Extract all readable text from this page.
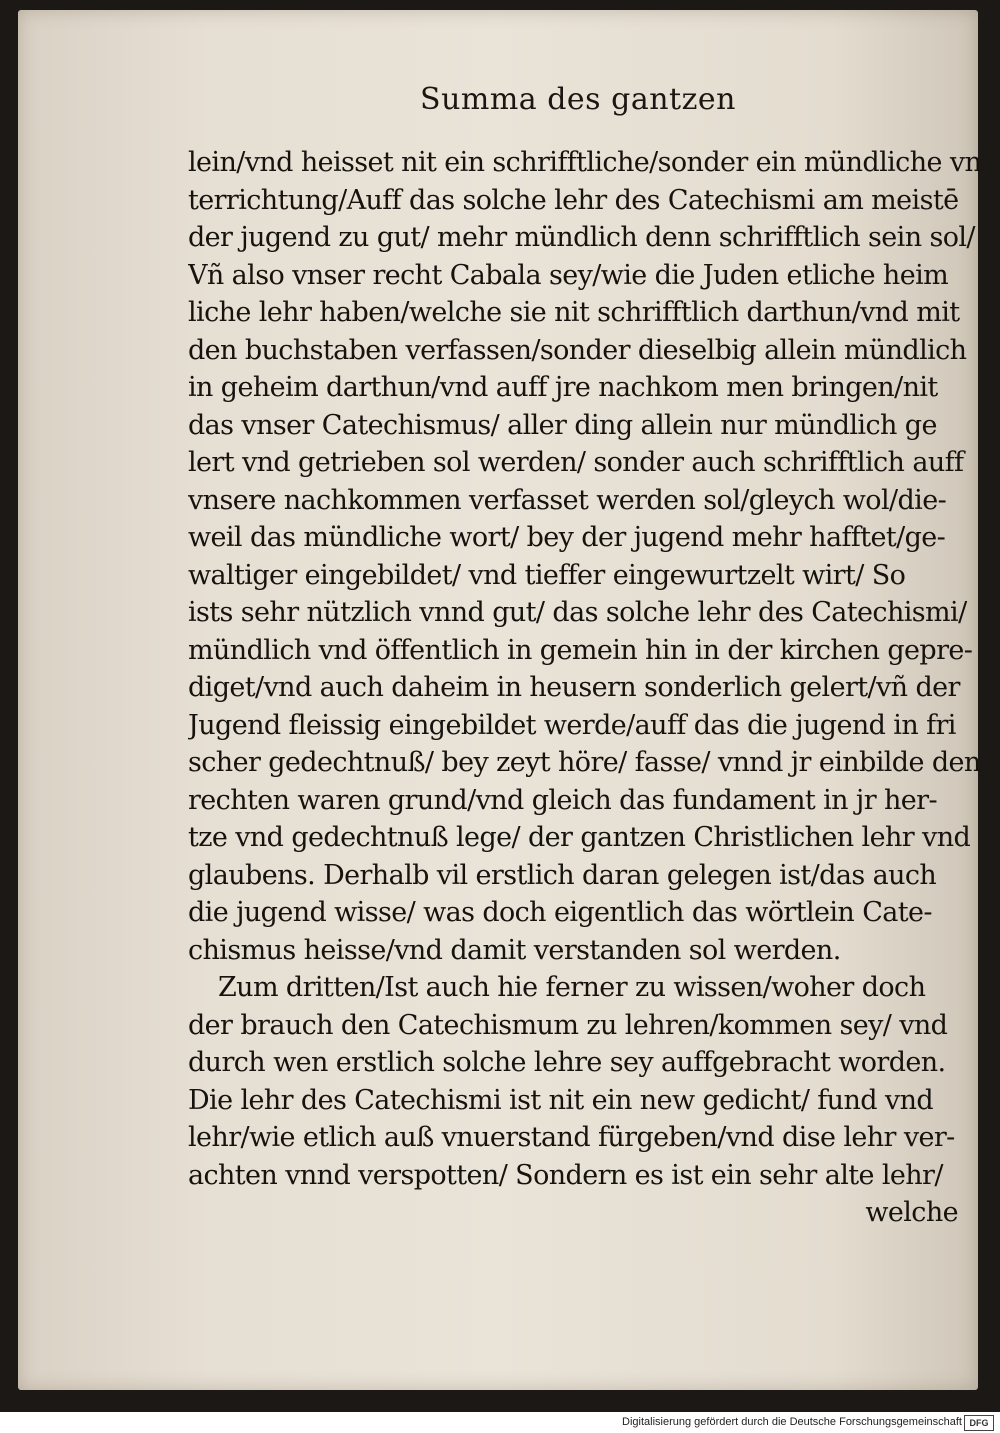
Summa des gantzen
lein/vnd heisset nit ein schrifftliche/sonder ein mündliche vn
terrichtung/Auff das solche lehr des Catechismi am meistē
der jugend zu gut/ mehr mündlich denn schrifftlich sein sol/
Vñ also vnser recht Cabala sey/wie die Juden etliche heim
liche lehr haben/welche sie nit schrifftlich darthun/vnd mit
den buchstaben verfassen/sonder dieselbig allein mündlich
in geheim darthun/vnd auff jre nachkom men bringen/nit
das vnser Catechismus/ aller ding allein nur mündlich ge
lert vnd getrieben sol werden/ sonder auch schrifftlich auff
vnsere nachkommen verfasset werden sol/gleych wol/die-
weil das mündliche wort/ bey der jugend mehr hafftet/ge-
waltiger eingebildet/ vnd tieffer eingewurtzelt wirt/ So
ists sehr nützlich vnnd gut/ das solche lehr des Catechismi/
mündlich vnd öffentlich in gemein hin in der kirchen gepre-
diget/vnd auch daheim in heusern sonderlich gelert/vñ der
Jugend fleissig eingebildet werde/auff das die jugend in fri
scher gedechtnuß/ bey zeyt höre/ fasse/ vnnd jr einbilde den
rechten waren grund/vnd gleich das fundament in jr her-
tze vnd gedechtnuß lege/ der gantzen Christlichen lehr vnd
glaubens. Derhalb vil erstlich daran gelegen ist/das auch
die jugend wisse/ was doch eigentlich das wörtlein Cate-
chismus heisse/vnd damit verstanden sol werden.
Zum dritten/Ist auch hie ferner zu wissen/woher doch
der brauch den Catechismum zu lehren/kommen sey/ vnd
durch wen erstlich solche lehre sey auffgebracht worden.
Die lehr des Catechismi ist nit ein new gedicht/ fund vnd
lehr/wie etlich auß vnuerstand fürgeben/vnd dise lehr ver-
achten vnnd verspotten/ Sondern es ist ein sehr alte lehr/
welche
Digitalisierung gefördert durch die Deutsche Forschungsgemeinschaft DFG
